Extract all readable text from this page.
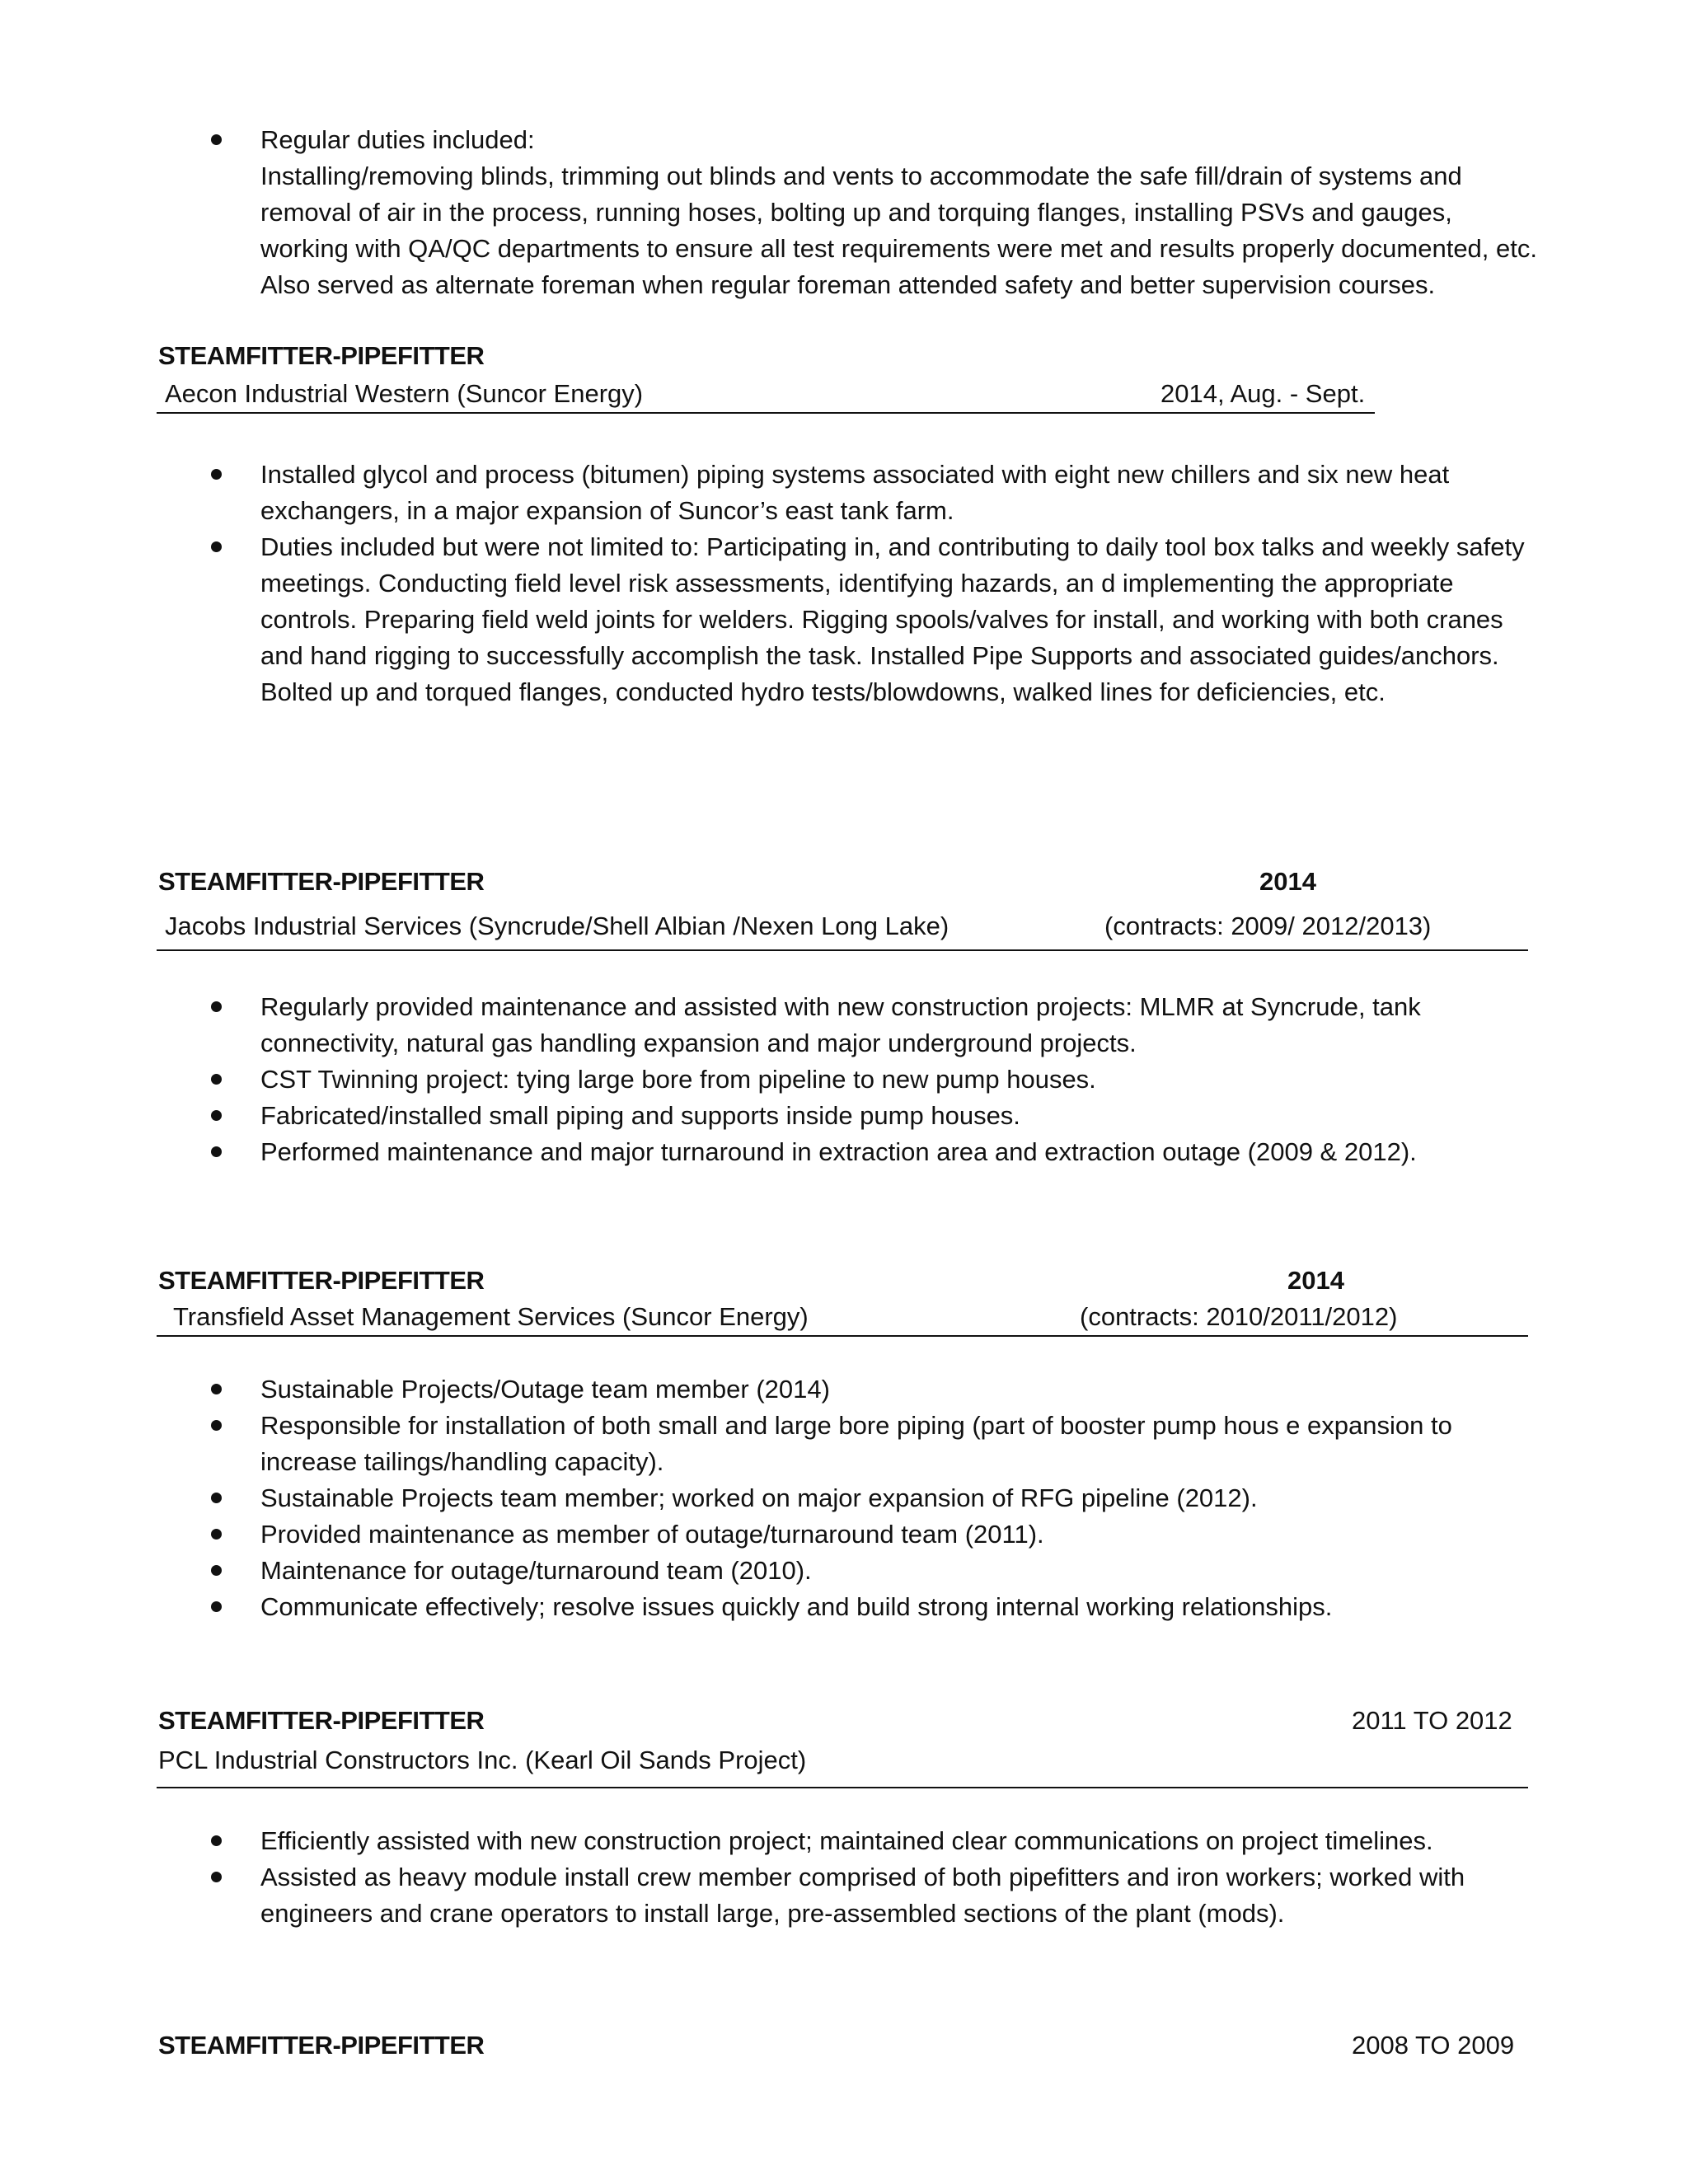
Regular duties included:
Installing/removing blinds, trimming out blinds and vents to accommodate the safe fill/drain of systems and removal of air in the process, running hoses, bolting up and torquing flanges, installing PSVs and gauges, working with QA/QC departments to ensure all test requirements were met and results properly documented, etc. Also served as alternate foreman when regular foreman attended safety and better supervision courses.
STEAMFITTER-PIPEFITTER
Aecon Industrial Western (Suncor Energy)	2014, Aug. - Sept.
Installed glycol and process (bitumen) piping systems associated with eight new chillers and six new heat exchangers, in a major expansion of Suncor’s east tank farm.
Duties included but were not limited to: Participating in, and contributing to daily tool box talks and weekly safety meetings. Conducting field level risk assessments, identifying hazards, an d implementing the appropriate controls. Preparing field weld joints for welders. Rigging spools/valves for install, and working with both cranes and hand rigging to successfully accomplish the task. Installed Pipe Supports and associated guides/anchors. Bolted up and torqued flanges, conducted hydro tests/blowdowns, walked lines for deficiencies, etc.
STEAMFITTER-PIPEFITTER	2014
Jacobs Industrial Services (Syncrude/Shell Albian /Nexen Long Lake)	(contracts: 2009/ 2012/2013)
Regularly provided maintenance and assisted with new construction projects: MLMR at Syncrude, tank connectivity, natural gas handling expansion and major underground projects.
CST Twinning project: tying large bore from pipeline to new pump houses.
Fabricated/installed small piping and supports inside pump houses.
Performed maintenance and major turnaround in extraction area and extraction outage (2009 & 2012).
STEAMFITTER-PIPEFITTER	2014
Transfield Asset Management Services (Suncor Energy)	(contracts: 2010/2011/2012)
Sustainable Projects/Outage team member (2014)
Responsible for installation of both small and large bore piping (part of booster pump hous e expansion to increase tailings/handling capacity).
Sustainable Projects team member; worked on major expansion of RFG pipeline (2012).
Provided maintenance as member of outage/turnaround team (2011).
Maintenance for outage/turnaround team (2010).
Communicate effectively; resolve issues quickly and build strong internal working relationships.
STEAMFITTER-PIPEFITTER	2011 TO 2012
PCL Industrial Constructors Inc. (Kearl Oil Sands Project)
Efficiently assisted with new construction project; maintained clear communications on project timelines.
Assisted as heavy module install crew member comprised of both pipefitters and iron workers; worked with engineers and crane operators to install large, pre-assembled sections of the plant (mods).
STEAMFITTER-PIPEFITTER	2008 TO 2009
